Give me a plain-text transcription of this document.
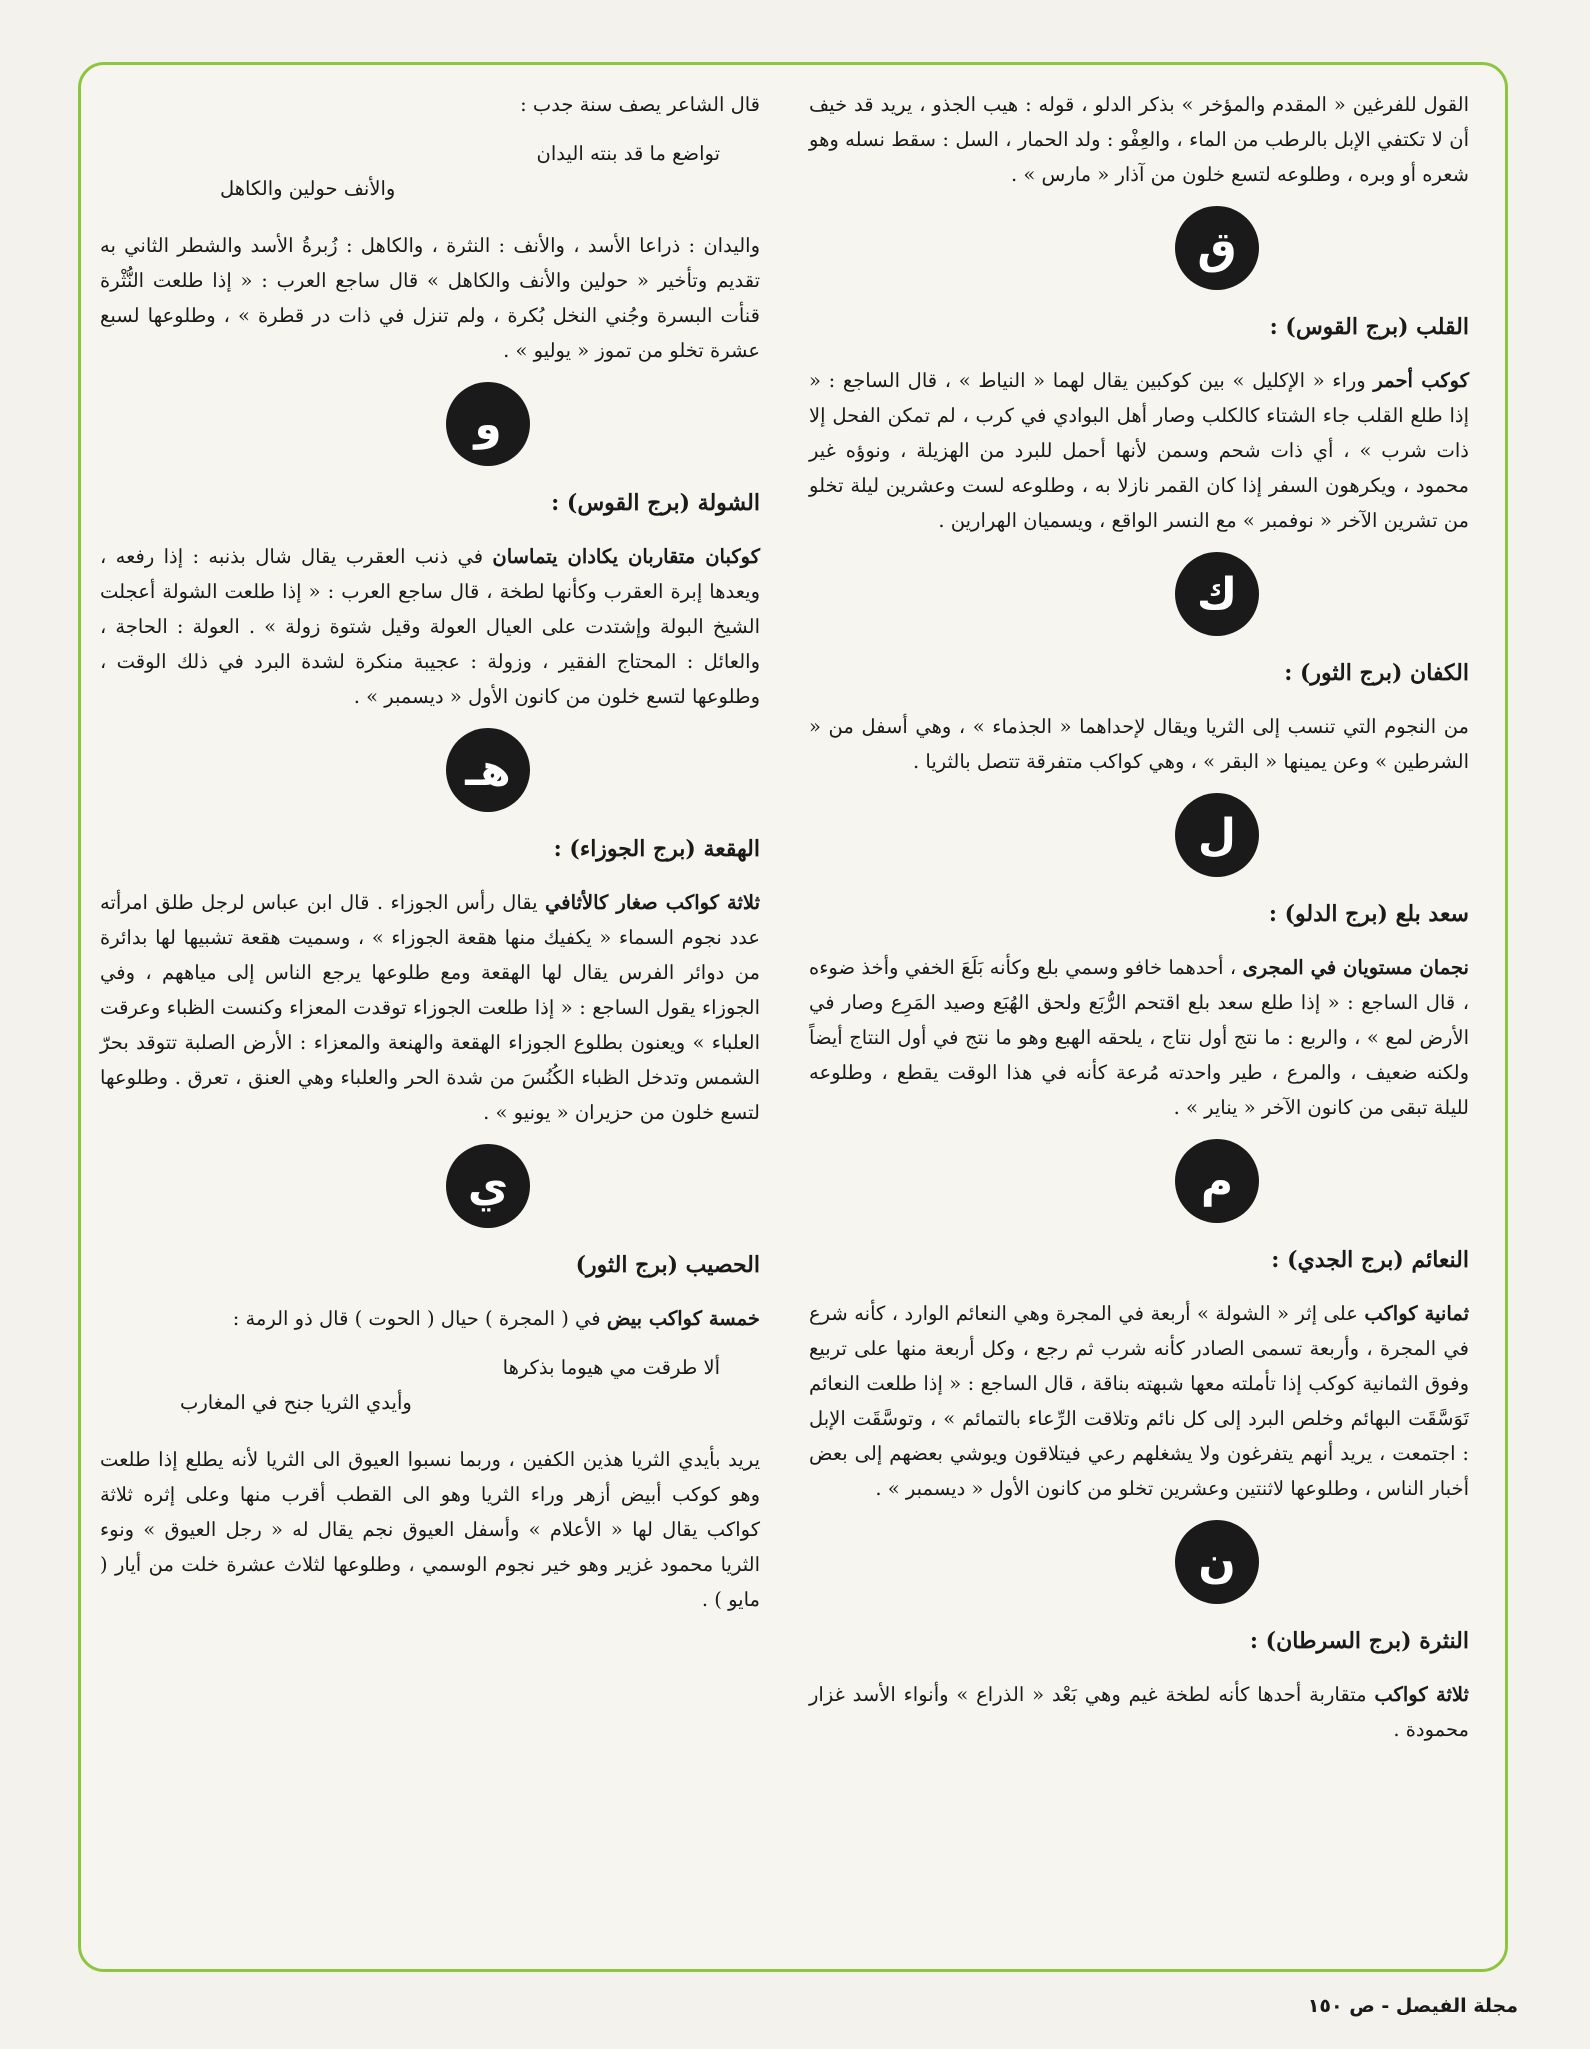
القول للفرغين « المقدم والمؤخر » بذكر الدلو ، قوله : هيب الجذو ، يريد قد خيف أن لا تكتفي الإبل بالرطب من الماء ، والعِفْو : ولد الحمار ، السل : سقط نسله وهو شعره أو وبره ، وطلوعه لتسع خلون من آذار « مارس » .

ق
القلب (برج القوس) :

كوكب أحمر وراء « الإكليل » بين كوكبين يقال لهما « النياط » ، قال الساجع : « إذا طلع القلب جاء الشتاء كالكلب وصار أهل البوادي في كرب ، لم تمكن الفحل إلا ذات شرب » ، أي ذات شحم وسمن لأنها أحمل للبرد من الهزيلة ، ونوؤه غير محمود ، ويكرهون السفر إذا كان القمر نازلا به ، وطلوعه لست وعشرين ليلة تخلو من تشرين الآخر « نوفمبر » مع النسر الواقع ، ويسميان الهرارين .

ك
الكفان (برج الثور) :

من النجوم التي تنسب إلى الثريا ويقال لإحداهما « الجذماء » ، وهي أسفل من « الشرطين » وعن يمينها « البقر » ، وهي كواكب متفرقة تتصل بالثريا .

ل
سعد بلع (برج الدلو) :

نجمان مستويان في المجرى ، أحدهما خافو وسمي بلع وكأنه بَلَعَ الخفي وأخذ ضوءه ، قال الساجع : « إذا طلع سعد بلع اقتحم الرُّبَع ولحق الهُبَع وصيد المَرِع وصار في الأرض لمع » ، والربع : ما نتج أول نتاج ، يلحقه الهبع وهو ما نتج في أول النتاج أيضاً ولكنه ضعيف ، والمرع ، طير واحدته مُرعة كأنه في هذا الوقت يقطع ، وطلوعه لليلة تبقى من كانون الآخر « يناير » .

م
النعائم (برج الجدي) :

ثمانية كواكب على إثر « الشولة » أربعة في المجرة وهي النعائم الوارد ، كأنه شرع في المجرة ، وأربعة تسمى الصادر كأنه شرب ثم رجع ، وكل أربعة منها على تربيع وفوق الثمانية كوكب إذا تأملته معها شبهته بناقة ، قال الساجع : « إذا طلعت النعائم تَوَسَّقَت البهائم وخلص البرد إلى كل نائم وتلاقت الرِّعاء بالتمائم » ، وتوسَّقَت الإبل : اجتمعت ، يريد أنهم يتفرغون ولا يشغلهم رعي فيتلاقون ويوشي بعضهم إلى بعض أخبار الناس ، وطلوعها لاثنتين وعشرين تخلو من كانون الأول « ديسمبر » .

ن
النثرة (برج السرطان) :

ثلاثة كواكب متقاربة أحدها كأنه لطخة غيم وهي بَعْد « الذراع » وأنواء الأسد غزار محمودة .

قال الشاعر يصف سنة جدب :

تواضع ما قد بنته اليدان
والأنف حولين والكاهل

واليدان : ذراعا الأسد ، والأنف : النثرة ، والكاهل : زُبرةُ الأسد والشطر الثاني به تقديم وتأخير « حولين والأنف والكاهل » قال ساجع العرب : « إذا طلعت النُّثْرة قنأت البسرة وجُني النخل بُكرة ، ولم تنزل في ذات در قطرة » ، وطلوعها لسبع عشرة تخلو من تموز « يوليو » .

و
الشولة (برج القوس) :

كوكبان متقاربان يكادان يتماسان في ذنب العقرب يقال شال بذنبه : إذا رفعه ، ويعدها إبرة العقرب وكأنها لطخة ، قال ساجع العرب : « إذا طلعت الشولة أعجلت الشيخ البولة وإشتدت على العيال العولة وقيل شتوة زولة » . العولة : الحاجة ، والعائل : المحتاج الفقير ، وزولة : عجيبة منكرة لشدة البرد في ذلك الوقت ، وطلوعها لتسع خلون من كانون الأول « ديسمبر » .

هـ
الهقعة (برج الجوزاء) :

ثلاثة كواكب صغار كالأثافي يقال رأس الجوزاء . قال ابن عباس لرجل طلق امرأته عدد نجوم السماء « يكفيك منها هقعة الجوزاء » ، وسميت هقعة تشبيها لها بدائرة من دوائر الفرس يقال لها الهقعة ومع طلوعها يرجع الناس إلى مياههم ، وفي الجوزاء يقول الساجع : « إذا طلعت الجوزاء توقدت المعزاء وكنست الظباء وعرقت العلباء » ويعنون بطلوع الجوزاء الهقعة والهنعة والمعزاء : الأرض الصلبة تتوقد بحرّ الشمس وتدخل الظباء الكُنُسَ من شدة الحر والعلباء وهي العنق ، تعرق . وطلوعها لتسع خلون من حزيران « يونيو » .

ي
الحصيب (برج الثور)

خمسة كواكب بيض في ( المجرة ) حيال ( الحوت ) قال ذو الرمة :

ألا طرقت مي هيوما بذكرها
وأيدي الثريا جنح في المغارب

يريد بأيدي الثريا هذين الكفين ، وربما نسبوا العيوق الى الثريا لأنه يطلع إذا طلعت وهو كوكب أبيض أزهر وراء الثريا وهو الى القطب أقرب منها وعلى إثره ثلاثة كواكب يقال لها « الأعلام » وأسفل العيوق نجم يقال له « رجل العيوق » ونوء الثريا محمود غزير وهو خير نجوم الوسمي ، وطلوعها لثلاث عشرة خلت من أيار ( مايو ) .

مجلة الفيصل - ص ١٥٠
